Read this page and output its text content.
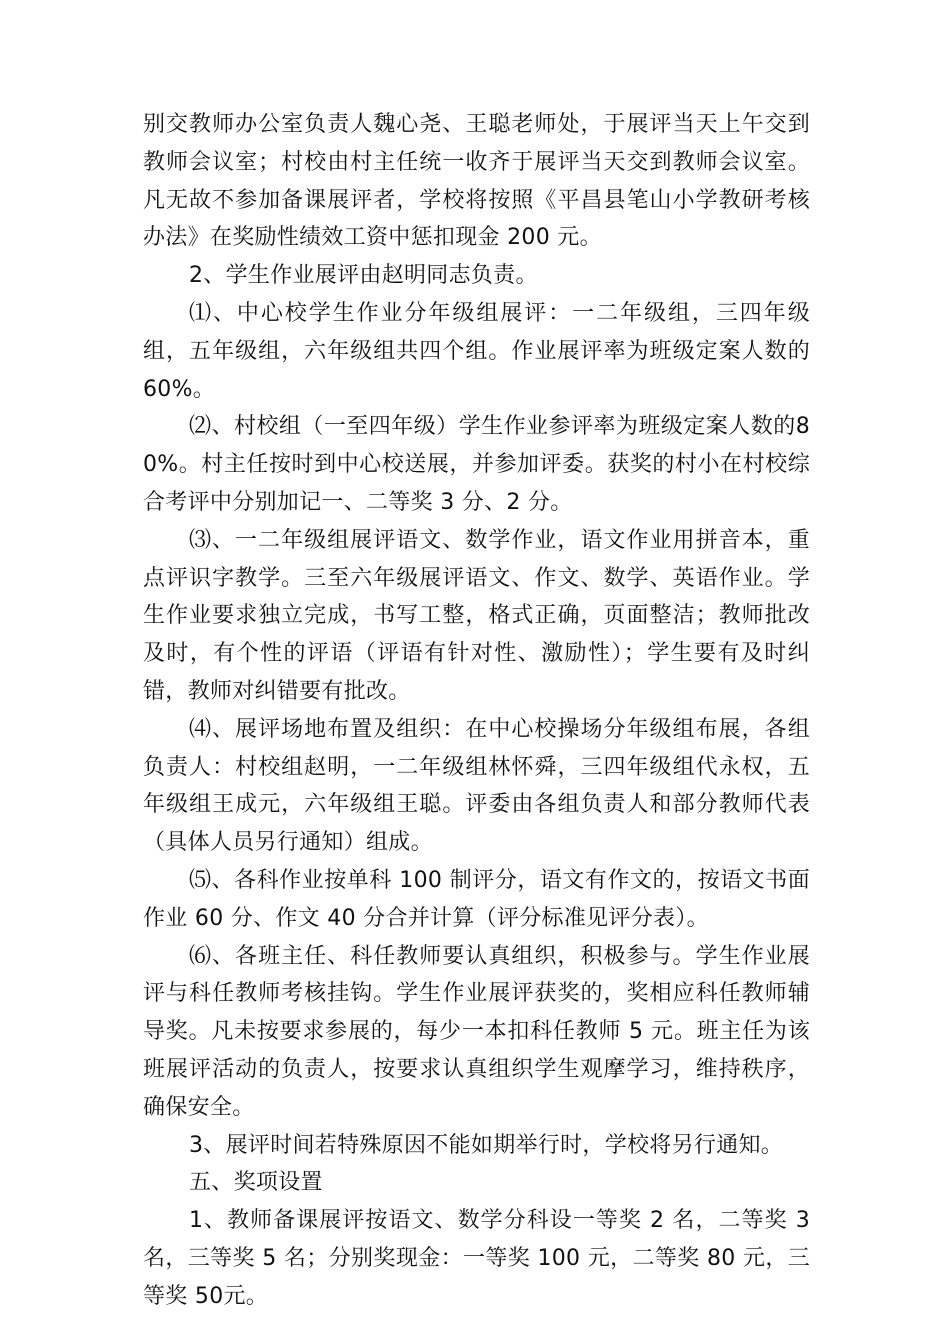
别交教师办公室负责人魏心尧、王聪老师处，于展评当天上午交到教师会议室；村校由村主任统一收齐于展评当天交到教师会议室。凡无故不参加备课展评者，学校将按照《平昌县笔山小学教研考核办法》在奖励性绩效工资中惩扣现金 200 元。

2、学生作业展评由赵明同志负责。

⑴、中心校学生作业分年级组展评：一二年级组，三四年级组，五年级组，六年级组共四个组。作业展评率为班级定案人数的 60%。

⑵、村校组（一至四年级）学生作业参评率为班级定案人数的80%。村主任按时到中心校送展，并参加评委。获奖的村小在村校综合考评中分别加记一、二等奖 3 分、2 分。

⑶、一二年级组展评语文、数学作业，语文作业用拼音本，重点评识字教学。三至六年级展评语文、作文、数学、英语作业。学生作业要求独立完成，书写工整，格式正确，页面整洁；教师批改及时，有个性的评语（评语有针对性、激励性）；学生要有及时纠错，教师对纠错要有批改。

⑷、展评场地布置及组织：在中心校操场分年级组布展，各组负责人：村校组赵明，一二年级组林怀舜，三四年级组代永权，五年级组王成元，六年级组王聪。评委由各组负责人和部分教师代表（具体人员另行通知）组成。

⑸、各科作业按单科 100 制评分，语文有作文的，按语文书面作业 60 分、作文 40 分合并计算（评分标准见评分表）。

⑹、各班主任、科任教师要认真组织，积极参与。学生作业展评与科任教师考核挂钩。学生作业展评获奖的，奖相应科任教师辅导奖。凡未按要求参展的，每少一本扣科任教师 5 元。班主任为该班展评活动的负责人，按要求认真组织学生观摩学习，维持秩序，确保安全。

3、展评时间若特殊原因不能如期举行时，学校将另行通知。

五、奖项设置

1、教师备课展评按语文、数学分科设一等奖 2 名，二等奖 3 名，三等奖 5 名；分别奖现金：一等奖 100 元，二等奖 80 元，三等奖 50元。
